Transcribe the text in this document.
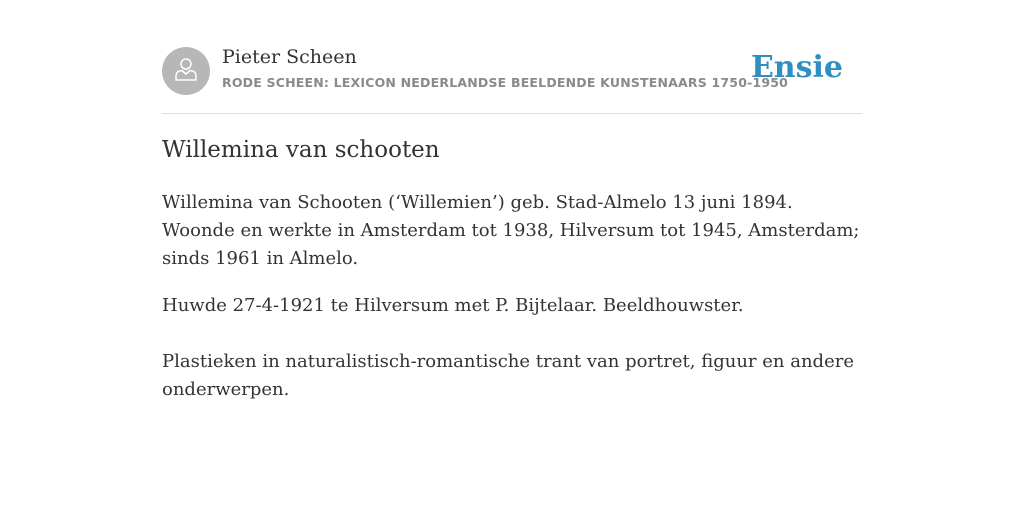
Pieter Scheen
RODE SCHEEN: LEXICON NEDERLANDSE BEELDENDE KUNSTENAARS 1750-1950
Ensie
Willemina van schooten

Willemina van Schooten (‘Willemien’) geb. Stad-Almelo 13 juni 1894. Woonde en werkte in Amsterdam tot 1938, Hilversum tot 1945, Amsterdam; sinds 1961 in Almelo.

Huwde 27-4-1921 te Hilversum met P. Bijtelaar. Beeldhouwster.

Plastieken in naturalistisch-romantische trant van portret, figuur en andere onderwerpen.
